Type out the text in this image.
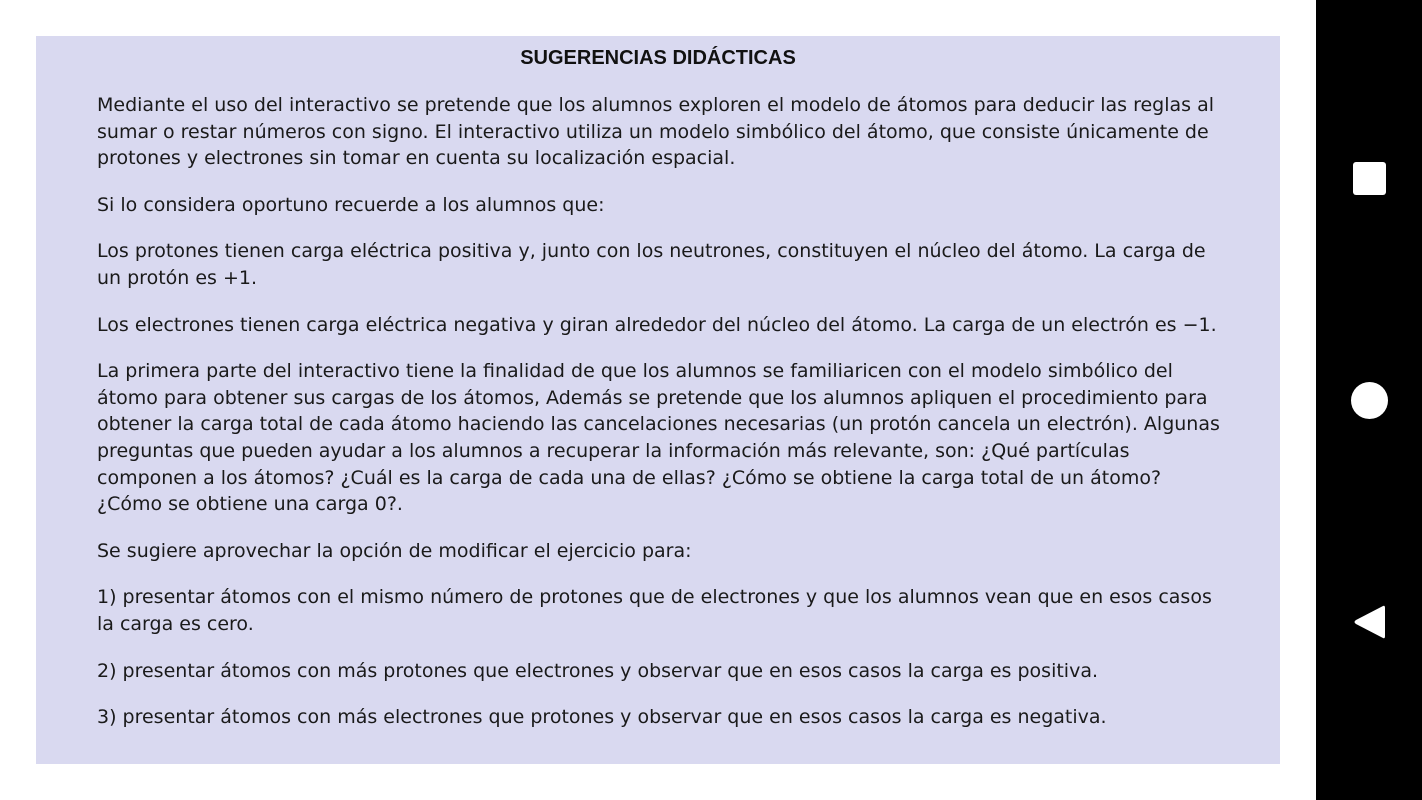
SUGERENCIAS DIDÁCTICAS

Mediante el uso del interactivo se pretende que los alumnos exploren el modelo de átomos para deducir las reglas al sumar o restar números con signo. El interactivo utiliza un modelo simbólico del átomo, que consiste únicamente de protones y electrones sin tomar en cuenta su localización espacial.

Si lo considera oportuno recuerde a los alumnos que:

Los protones tienen carga eléctrica positiva y, junto con los neutrones, constituyen el núcleo del átomo. La carga de un protón es +1.

Los electrones tienen carga eléctrica negativa y giran alrededor del núcleo del átomo. La carga de un electrón es −1.

La primera parte del interactivo tiene la finalidad de que los alumnos se familiaricen con el modelo simbólico del átomo para obtener sus cargas de los átomos, Además se pretende que los alumnos apliquen el procedimiento para obtener la carga total de cada átomo haciendo las cancelaciones necesarias (un protón cancela un electrón). Algunas preguntas que pueden ayudar a los alumnos a recuperar la información más relevante, son: ¿Qué partículas componen a los átomos? ¿Cuál es la carga de cada una de ellas? ¿Cómo se obtiene la carga total de un átomo? ¿Cómo se obtiene una carga 0?.

Se sugiere aprovechar la opción de modificar el ejercicio para:

1) presentar átomos con el mismo número de protones que de electrones y que los alumnos vean que en esos casos la carga es cero.

2) presentar átomos con más protones que electrones y observar que en esos casos la carga es positiva.

3) presentar átomos con más electrones que protones y observar que en esos casos la carga es negativa.
